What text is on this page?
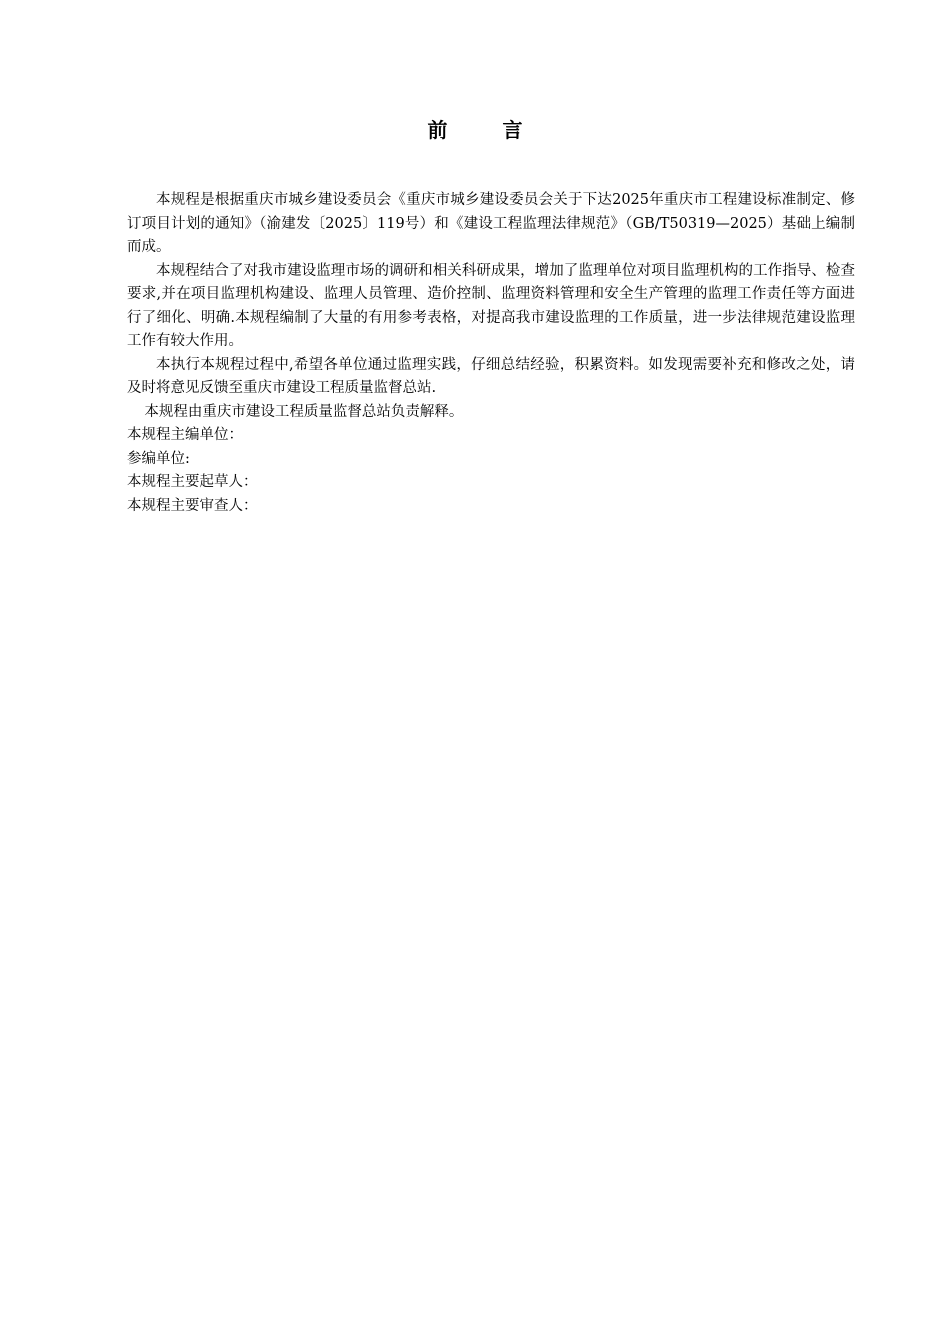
前 言

本规程是根据重庆市城乡建设委员会《重庆市城乡建设委员会关于下达2025年重庆市工程建设标准制定、修订项目计划的通知》（渝建发〔2025〕119号）和《建设工程监理法律规范》（GB/T50319—2025）基础上编制而成。

本规程结合了对我市建设监理市场的调研和相关科研成果，增加了监理单位对项目监理机构的工作指导、检查要求,并在项目监理机构建设、监理人员管理、造价控制、监理资料管理和安全生产管理的监理工作责任等方面进行了细化、明确.本规程编制了大量的有用参考表格，对提高我市建设监理的工作质量，进一步法律规范建设监理工作有较大作用。

本执行本规程过程中,希望各单位通过监理实践，仔细总结经验，积累资料。如发现需要补充和修改之处，请及时将意见反馈至重庆市建设工程质量监督总站.

本规程由重庆市建设工程质量监督总站负责解释。

本规程主编单位：

参编单位:

本规程主要起草人：

本规程主要审查人：
